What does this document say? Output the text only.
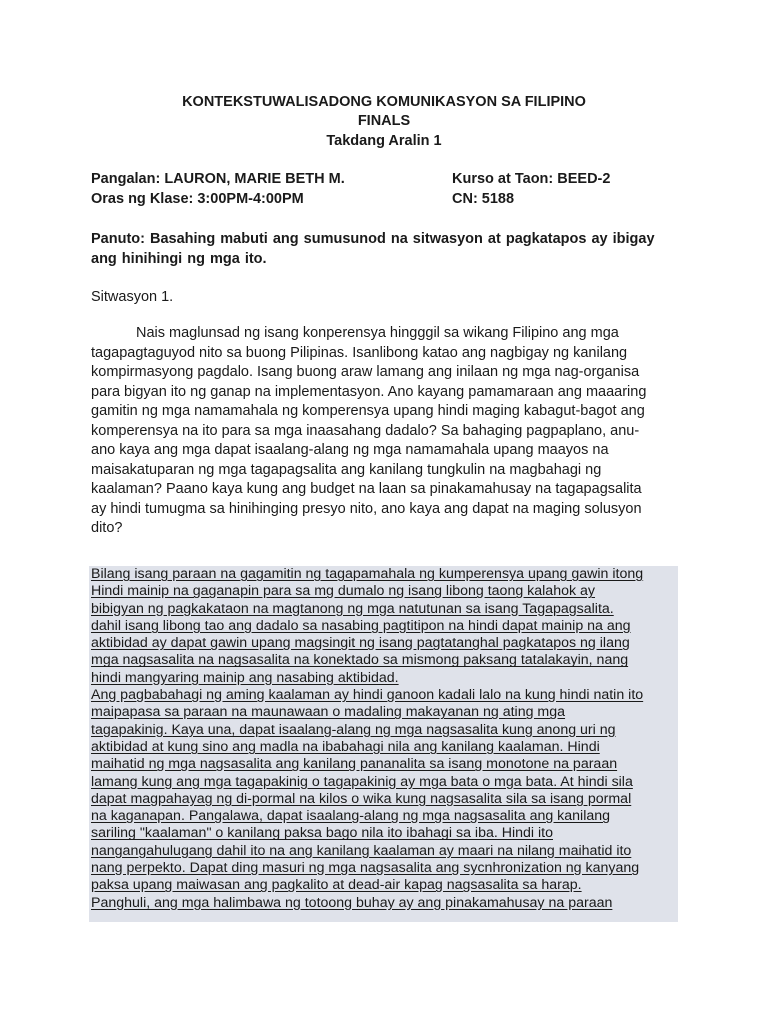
KONTEKSTUWALISADONG KOMUNIKASYON SA FILIPINO
FINALS
Takdang Aralin 1
Pangalan: LAURON, MARIE BETH M.
Oras ng Klase: 3:00PM-4:00PM
Kurso at Taon: BEED-2
CN: 5188
Panuto: Basahing mabuti ang sumusunod na sitwasyon at pagkatapos ay ibigay ang hinihingi ng mga ito.
Sitwasyon 1.
Nais maglunsad ng isang konperensya hingggil sa wikang Filipino ang mga
tagapagtaguyod nito sa buong Pilipinas. Isanlibong katao ang nagbigay ng kanilang
kompirmasyong pagdalo. Isang buong araw lamang ang inilaan ng mga nag-organisa
para bigyan ito ng ganap na implementasyon. Ano kayang pamamaraan ang maaaring
gamitin ng mga namamahala ng komperensya upang hindi maging kabagut-bagot ang
komperensya na ito para sa mga inaasahang dadalo? Sa bahaging pagpaplano, anu-
ano kaya ang mga dapat isaalang-alang ng mga namamahala upang maayos na
maisakatuparan ng mga tagapagsalita ang kanilang tungkulin na magbahagi ng
kaalaman? Paano kaya kung ang budget na laan sa pinakamahusay na tagapagsalita
ay hindi tumugma sa hinihinging presyo nito, ano kaya ang dapat na maging solusyon
dito?
Bilang isang paraan na gagamitin ng tagapamahala ng kumperensya upang gawin itong
Hindi mainip na gaganapin para sa mg dumalo ng isang libong taong kalahok ay
bibigyan ng pagkakataon na magtanong ng mga natutunan sa isang Tagapagsalita.
dahil isang libong tao ang dadalo sa nasabing pagtitipon na hindi dapat mainip na ang
aktibidad ay dapat gawin upang magsingit ng isang pagtatanghal pagkatapos ng ilang
mga nagsasalita na nagsasalita na konektado sa mismong paksang tatalakayin, nang
hindi mangyaring mainip ang nasabing aktibidad.
Ang pagbabahagi ng aming kaalaman ay hindi ganoon kadali lalo na kung hindi natin ito
maipapasa sa paraan na maunawaan o madaling makayanan ng ating mga
tagapakinig. Kaya una, dapat isaalang-alang ng mga nagsasalita kung anong uri ng
aktibidad at kung sino ang madla na ibabahagi nila ang kanilang kaalaman. Hindi
maihatid ng mga nagsasalita ang kanilang pananalita sa isang monotone na paraan
lamang kung ang mga tagapakinig o tagapakinig ay mga bata o mga bata. At hindi sila
dapat magpahayag ng di-pormal na kilos o wika kung nagsasalita sila sa isang pormal
na kaganapan. Pangalawa, dapat isaalang-alang ng mga nagsasalita ang kanilang
sariling "kaalaman" o kanilang paksa bago nila ito ibahagi sa iba. Hindi ito
nangangahulugang dahil ito na ang kanilang kaalaman ay maari na nilang maihatid ito
nang perpekto. Dapat ding masuri ng mga nagsasalita ang sycnhronization ng kanyang
paksa upang maiwasan ang pagkalito at dead-air kapag nagsasalita sa harap.
Panghuli, ang mga halimbawa ng totoong buhay ay ang pinakamahusay na paraan
